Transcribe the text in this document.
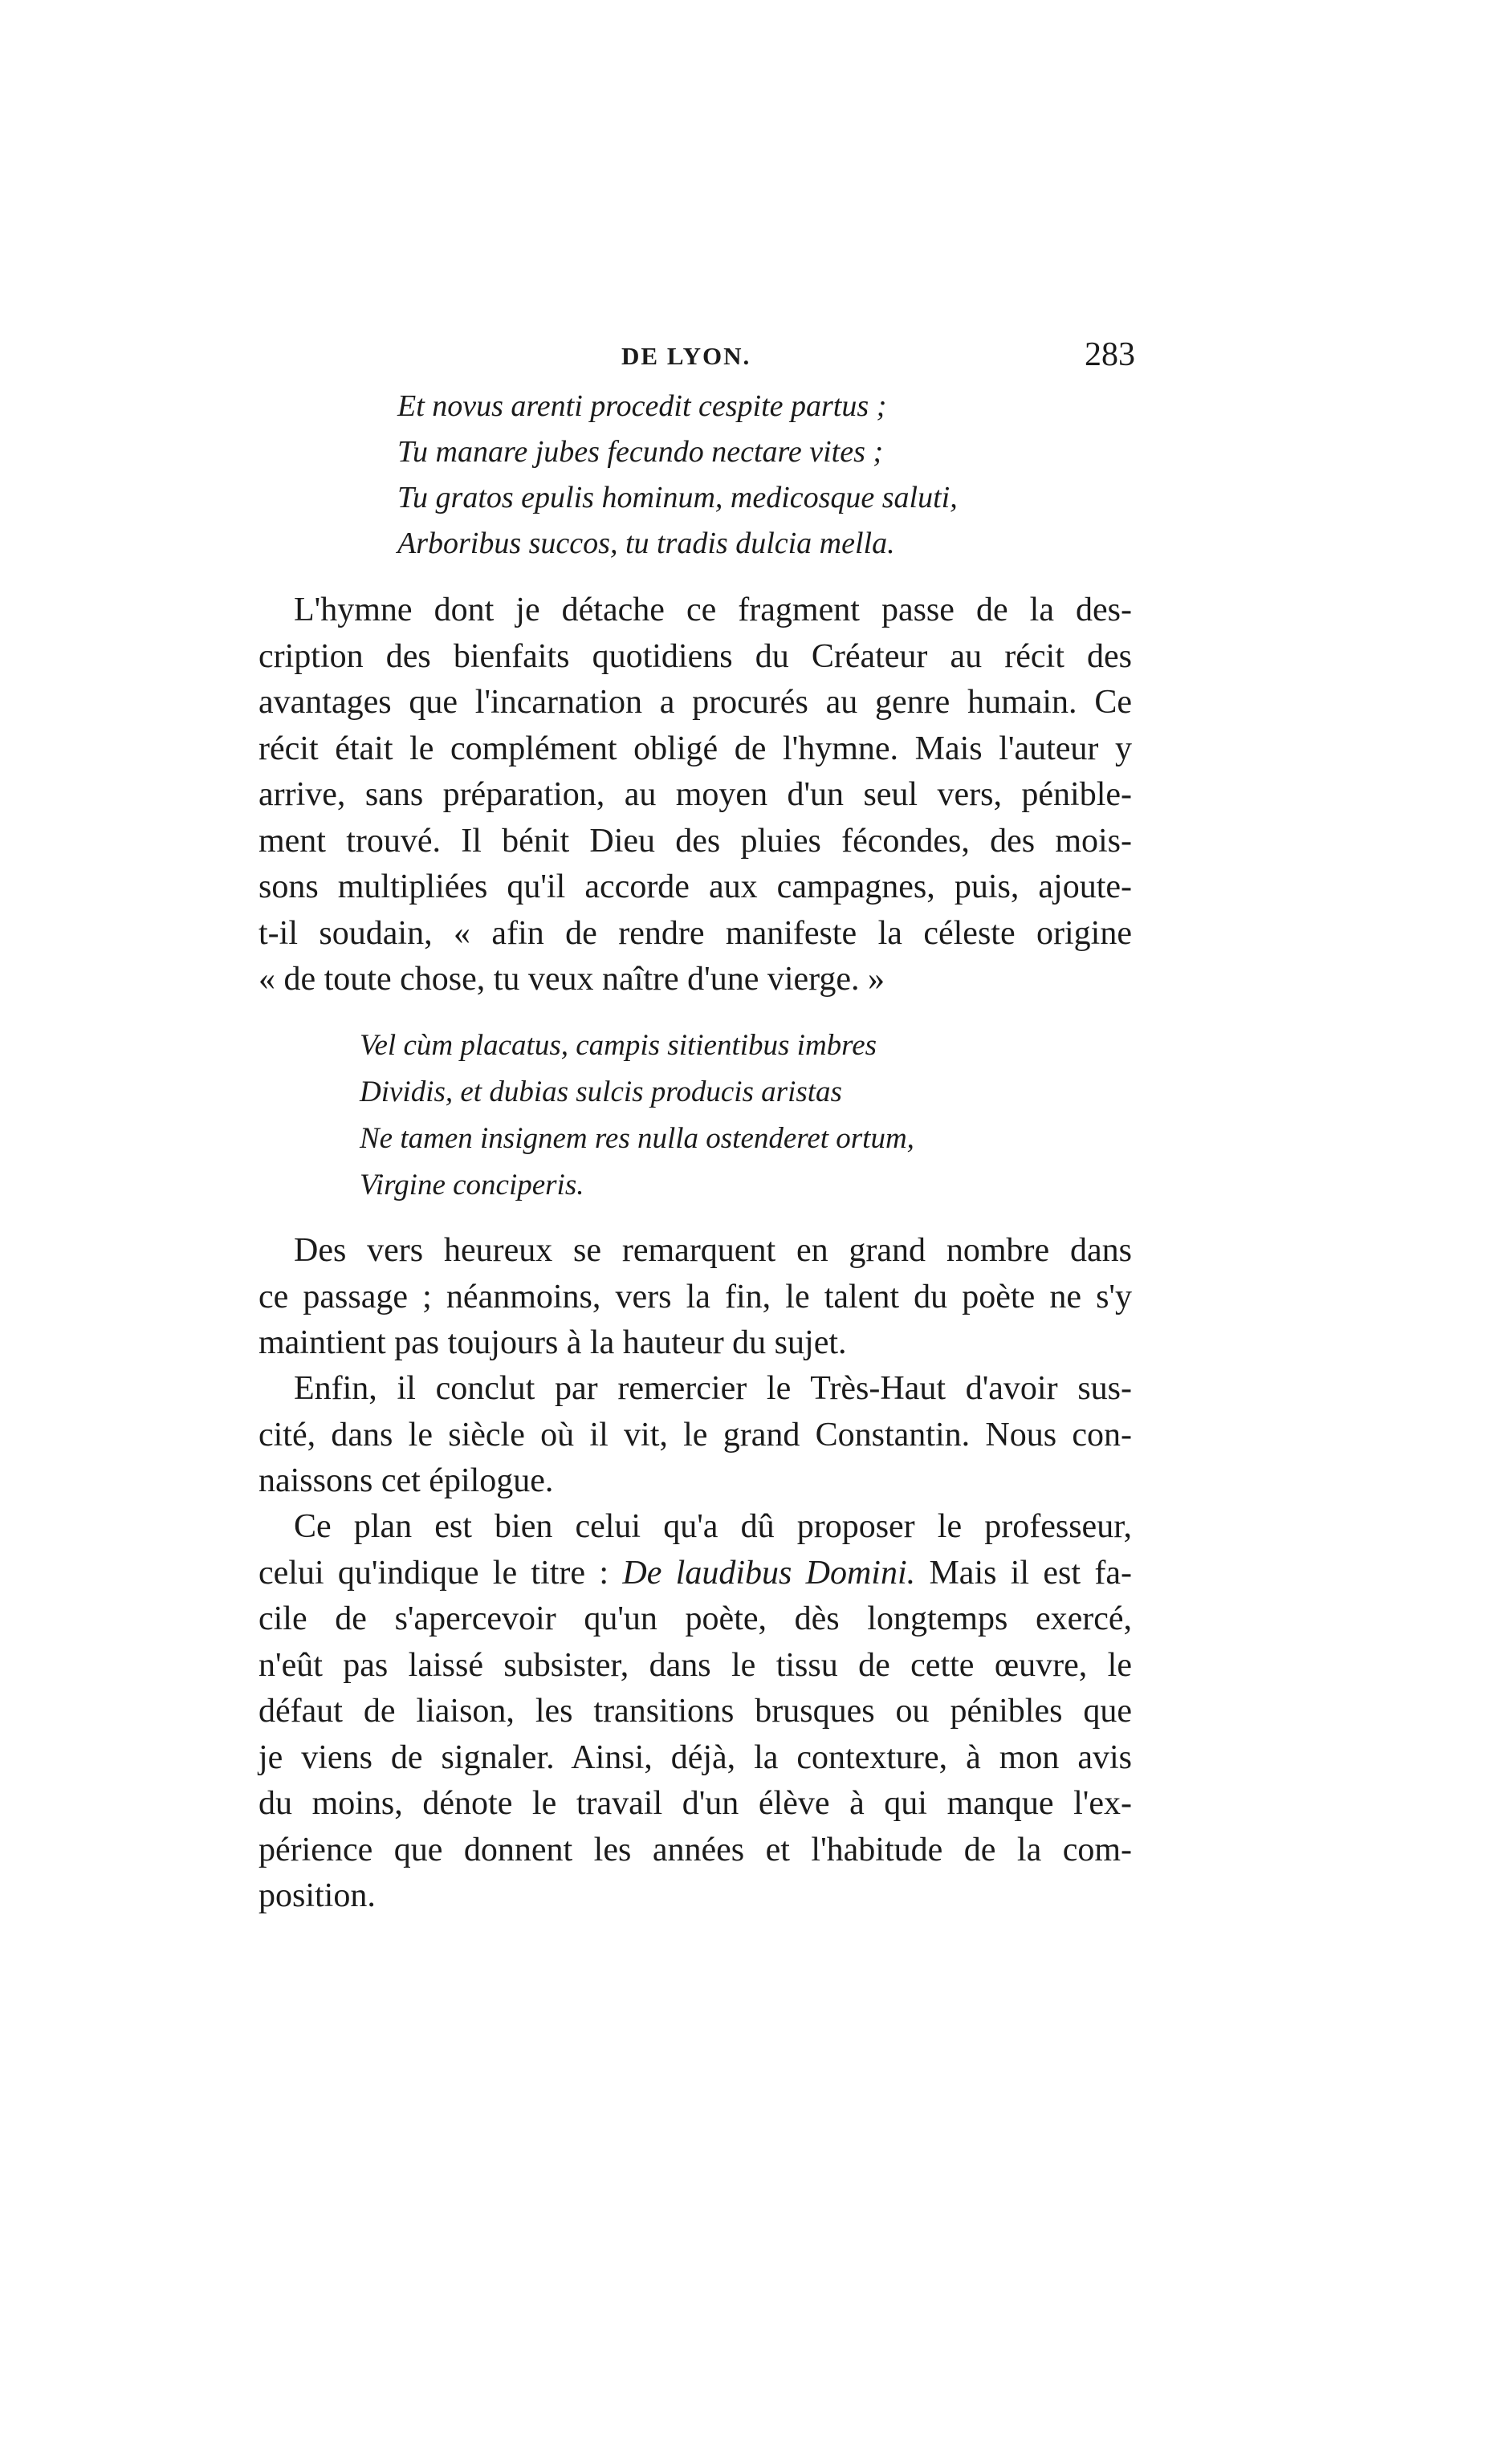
DE LYON.	283
Et novus arenti procedit cespite partus ;
Tu manare jubes fecundo nectare vites ;
Tu gratos epulis hominum, medicosque saluti,
Arboribus succos, tu tradis dulcia mella.
L'hymne dont je détache ce fragment passe de la des-
cription des bienfaits quotidiens du Créateur au récit des
avantages que l'incarnation a procurés au genre humain. Ce
récit était le complément obligé de l'hymne. Mais l'auteur y
arrive, sans préparation, au moyen d'un seul vers, pénible-
ment trouvé. Il bénit Dieu des pluies fécondes, des mois-
sons multipliées qu'il accorde aux campagnes, puis, ajoute-
t-il soudain, « afin de rendre manifeste la céleste origine
« de toute chose, tu veux naître d'une vierge. »
Vel cùm placatus, campis sitientibus imbres
Dividis, et dubias sulcis producis aristas
Ne tamen insignem res nulla ostenderet ortum,
Virgine conciperis.
Des vers heureux se remarquent en grand nombre dans
ce passage ; néanmoins, vers la fin, le talent du poète ne s'y
maintient pas toujours à la hauteur du sujet.
Enfin, il conclut par remercier le Très-Haut d'avoir sus-
cité, dans le siècle où il vit, le grand Constantin. Nous con-
naissons cet épilogue.
Ce plan est bien celui qu'a dû proposer le professeur,
celui qu'indique le titre : De laudibus Domini. Mais il est fa-
cile de s'apercevoir qu'un poète, dès longtemps exercé,
n'eût pas laissé subsister, dans le tissu de cette œuvre, le
défaut de liaison, les transitions brusques ou pénibles que
je viens de signaler. Ainsi, déjà, la contexture, à mon avis
du moins, dénote le travail d'un élève à qui manque l'ex-
périence que donnent les années et l'habitude de la com-
position.
